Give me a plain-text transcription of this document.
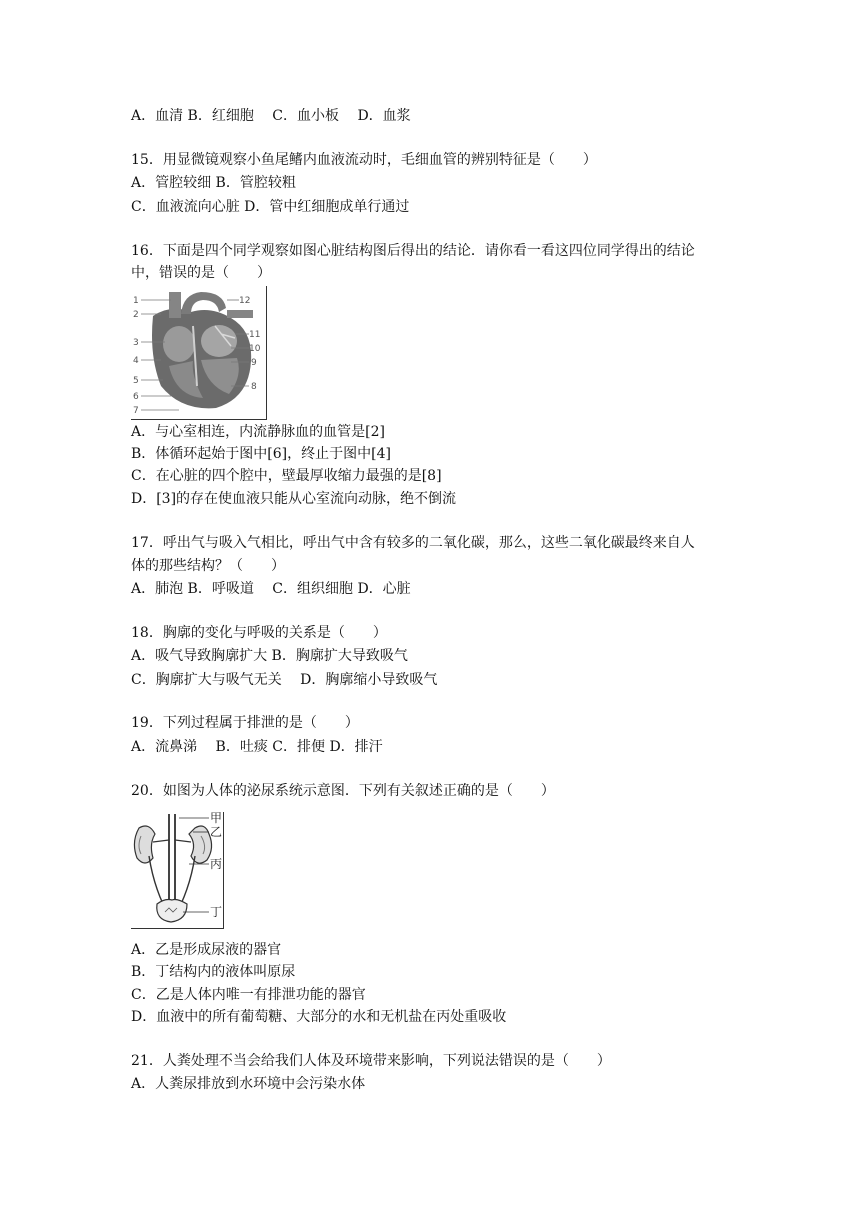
A．血清 B．红细胞　 C．血小板　 D．血浆
15．用显微镜观察小鱼尾鳍内血液流动时，毛细血管的辨别特征是（　　）
A．管腔较细 B．管腔较粗
C．血液流向心脏 D．管中红细胞成单行通过
16．下面是四个同学观察如图心脏结构图后得出的结论．请你看一看这四位同学得出的结论
中，错误的是（　　）
1
2
3
4
5
6
7
8
9
10
11
12
A．与心室相连，内流静脉血的血管是[2]
B．体循环起始于图中[6]，终止于图中[4]
C．在心脏的四个腔中，壁最厚收缩力最强的是[8]
D．[3]的存在使血液只能从心室流向动脉，绝不倒流
17．呼出气与吸入气相比，呼出气中含有较多的二氧化碳，那么，这些二氧化碳最终来自人
体的那些结构？（　　）
A．肺泡 B．呼吸道　 C．组织细胞 D．心脏
18．胸廓的变化与呼吸的关系是（　　）
A．吸气导致胸廓扩大 B．胸廓扩大导致吸气
C．胸廓扩大与吸气无关　 D．胸廓缩小导致吸气
19．下列过程属于排泄的是（　　）
A．流鼻涕　 B．吐痰 C．排便 D．排汗
20．如图为人体的泌尿系统示意图．下列有关叙述正确的是（　　）
甲
乙
丙
丁
A．乙是形成尿液的器官
B．丁结构内的液体叫原尿
C．乙是人体内唯一有排泄功能的器官
D．血液中的所有葡萄糖、大部分的水和无机盐在丙处重吸收
21．人粪处理不当会给我们人体及环境带来影响，下列说法错误的是（　　）
A．人粪尿排放到水环境中会污染水体
